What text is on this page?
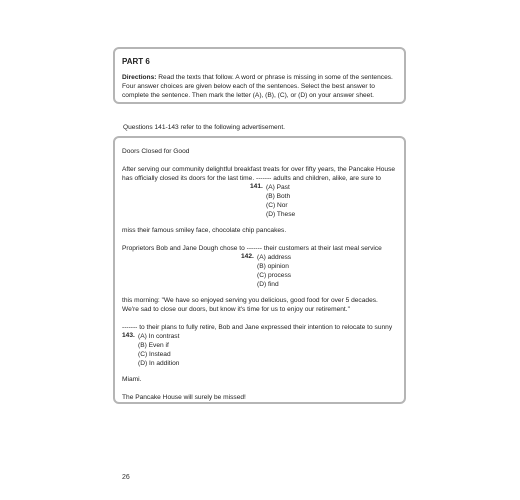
PART 6

Directions: Read the texts that follow. A word or phrase is missing in some of the sentences. Four answer choices are given below each of the sentences. Select the best answer to complete the sentence. Then mark the letter (A), (B), (C), or (D) on your answer sheet.

Questions 141-143 refer to the following advertisement.

Doors Closed for Good

After serving our community delightful breakfast treats for over fifty years, the Pancake House

has officially closed its doors for the last time. ------- adults and children, alike, are sure to

141. (A) Past
(B) Both
(C) Nor
(D) These

miss their famous smiley face, chocolate chip pancakes.

Proprietors Bob and Jane Dough chose to ------- their customers at their last meal service

142. (A) address
(B) opinion
(C) process
(D) find

this morning: "We have so enjoyed serving you delicious, good food for over 5 decades.

We're sad to close our doors, but know it's time for us to enjoy our retirement."

------- to their plans to fully retire, Bob and Jane expressed their intention to relocate to sunny

143. (A) In contrast
(B) Even if
(C) Instead
(D) In addition

Miami.

The Pancake House will surely be missed!

26
